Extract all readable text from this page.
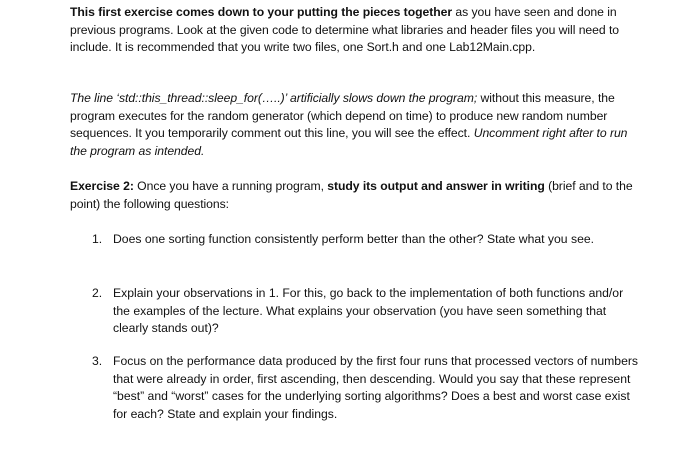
This first exercise comes down to your putting the pieces together as you have seen and done in previous programs. Look at the given code to determine what libraries and header files you will need to include. It is recommended that you write two files, one Sort.h and one Lab12Main.cpp.

The line ‘std::this_thread::sleep_for(…..)’ artificially slows down the program; without this measure, the program executes for the random generator (which depend on time) to produce new random number sequences. It you temporarily comment out this line, you will see the effect. Uncomment right after to run the program as intended.

Exercise 2: Once you have a running program, study its output and answer in writing (brief and to the point) the following questions:

1. Does one sorting function consistently perform better than the other? State what you see.
2. Explain your observations in 1. For this, go back to the implementation of both functions and/or the examples of the lecture. What explains your observation (you have seen something that clearly stands out)?
3. Focus on the performance data produced by the first four runs that processed vectors of numbers that were already in order, first ascending, then descending. Would you say that these represent “best” and “worst” cases for the underlying sorting algorithms? Does a best and worst case exist for each? State and explain your findings.
